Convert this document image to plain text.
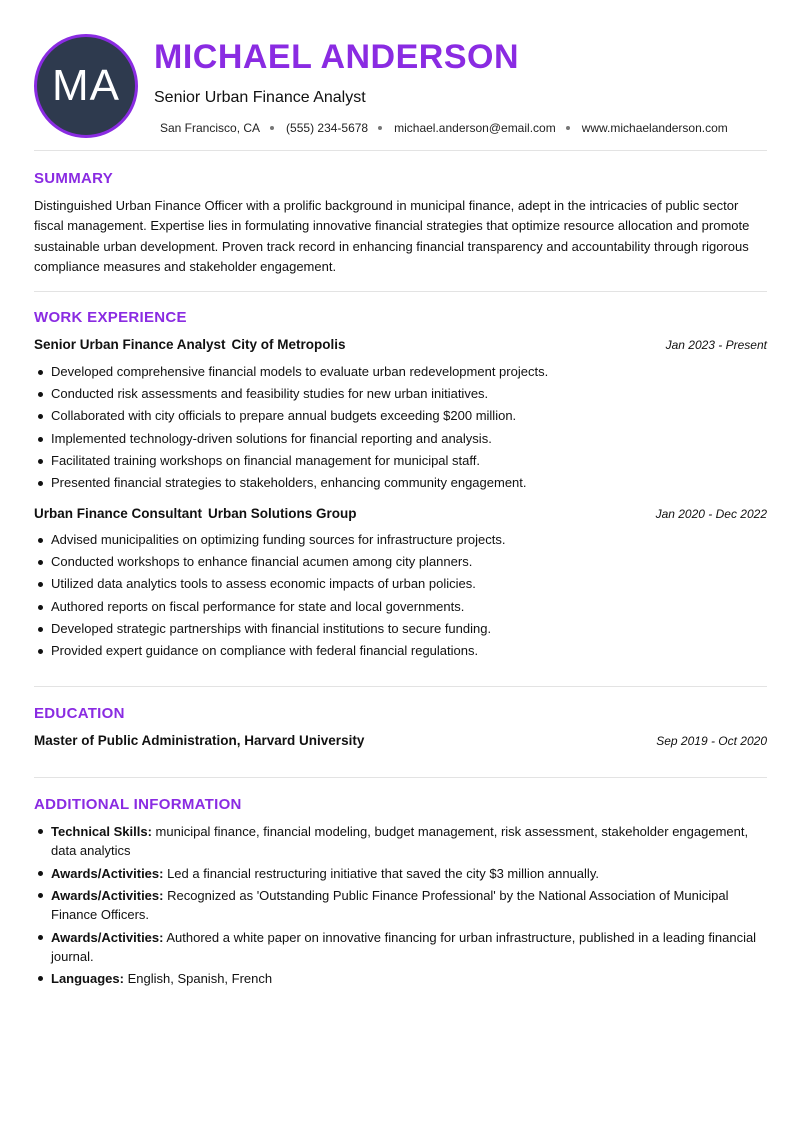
MA
MICHAEL ANDERSON
Senior Urban Finance Analyst
San Francisco, CA (555) 234-5678 michael.anderson@email.com www.michaelanderson.com
SUMMARY
Distinguished Urban Finance Officer with a prolific background in municipal finance, adept in the intricacies of public sector fiscal management. Expertise lies in formulating innovative financial strategies that optimize resource allocation and promote sustainable urban development. Proven track record in enhancing financial transparency and accountability through rigorous compliance measures and stakeholder engagement.
WORK EXPERIENCE
Senior Urban Finance Analyst City of Metropolis	Jan 2023 - Present
Developed comprehensive financial models to evaluate urban redevelopment projects.
Conducted risk assessments and feasibility studies for new urban initiatives.
Collaborated with city officials to prepare annual budgets exceeding $200 million.
Implemented technology-driven solutions for financial reporting and analysis.
Facilitated training workshops on financial management for municipal staff.
Presented financial strategies to stakeholders, enhancing community engagement.
Urban Finance Consultant Urban Solutions Group	Jan 2020 - Dec 2022
Advised municipalities on optimizing funding sources for infrastructure projects.
Conducted workshops to enhance financial acumen among city planners.
Utilized data analytics tools to assess economic impacts of urban policies.
Authored reports on fiscal performance for state and local governments.
Developed strategic partnerships with financial institutions to secure funding.
Provided expert guidance on compliance with federal financial regulations.
EDUCATION
Master of Public Administration, Harvard University	Sep 2019 - Oct 2020
ADDITIONAL INFORMATION
Technical Skills: municipal finance, financial modeling, budget management, risk assessment, stakeholder engagement, data analytics
Awards/Activities: Led a financial restructuring initiative that saved the city $3 million annually.
Awards/Activities: Recognized as 'Outstanding Public Finance Professional' by the National Association of Municipal Finance Officers.
Awards/Activities: Authored a white paper on innovative financing for urban infrastructure, published in a leading financial journal.
Languages: English, Spanish, French
